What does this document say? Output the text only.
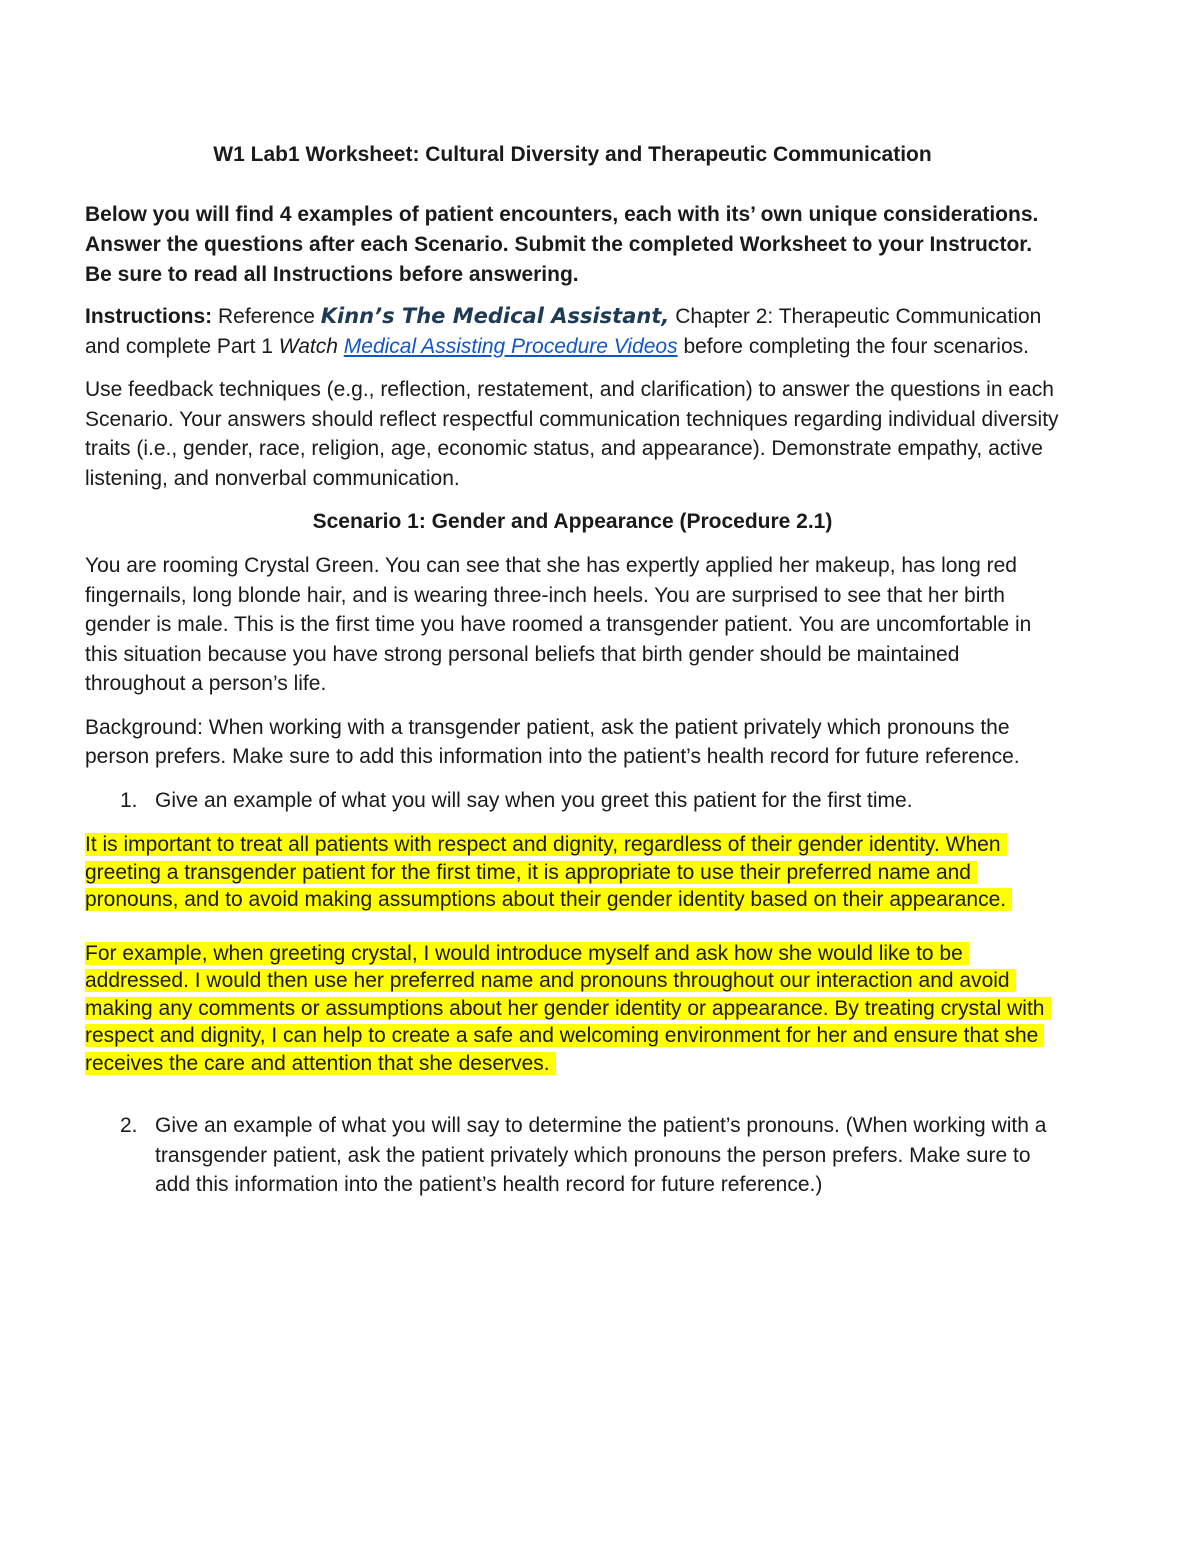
W1 Lab1 Worksheet: Cultural Diversity and Therapeutic Communication

Below you will find 4 examples of patient encounters, each with its’ own unique considerations. Answer the questions after each Scenario. Submit the completed Worksheet to your Instructor. Be sure to read all Instructions before answering.

Instructions: Reference Kinn’s The Medical Assistant, Chapter 2: Therapeutic Communication and complete Part 1 Watch Medical Assisting Procedure Videos before completing the four scenarios.

Use feedback techniques (e.g., reflection, restatement, and clarification) to answer the questions in each Scenario. Your answers should reflect respectful communication techniques regarding individual diversity traits (i.e., gender, race, religion, age, economic status, and appearance). Demonstrate empathy, active listening, and nonverbal communication.

Scenario 1: Gender and Appearance (Procedure 2.1)

You are rooming Crystal Green. You can see that she has expertly applied her makeup, has long red fingernails, long blonde hair, and is wearing three-inch heels. You are surprised to see that her birth gender is male. This is the first time you have roomed a transgender patient. You are uncomfortable in this situation because you have strong personal beliefs that birth gender should be maintained throughout a person’s life.

Background: When working with a transgender patient, ask the patient privately which pronouns the person prefers. Make sure to add this information into the patient’s health record for future reference.

1. Give an example of what you will say when you greet this patient for the first time.

It is important to treat all patients with respect and dignity, regardless of their gender identity. When greeting a transgender patient for the first time, it is appropriate to use their preferred name and pronouns, and to avoid making assumptions about their gender identity based on their appearance.

For example, when greeting crystal, I would introduce myself and ask how she would like to be addressed. I would then use her preferred name and pronouns throughout our interaction and avoid making any comments or assumptions about her gender identity or appearance. By treating crystal with respect and dignity, I can help to create a safe and welcoming environment for her and ensure that she receives the care and attention that she deserves.

2. Give an example of what you will say to determine the patient’s pronouns. (When working with a transgender patient, ask the patient privately which pronouns the person prefers. Make sure to add this information into the patient’s health record for future reference.)
